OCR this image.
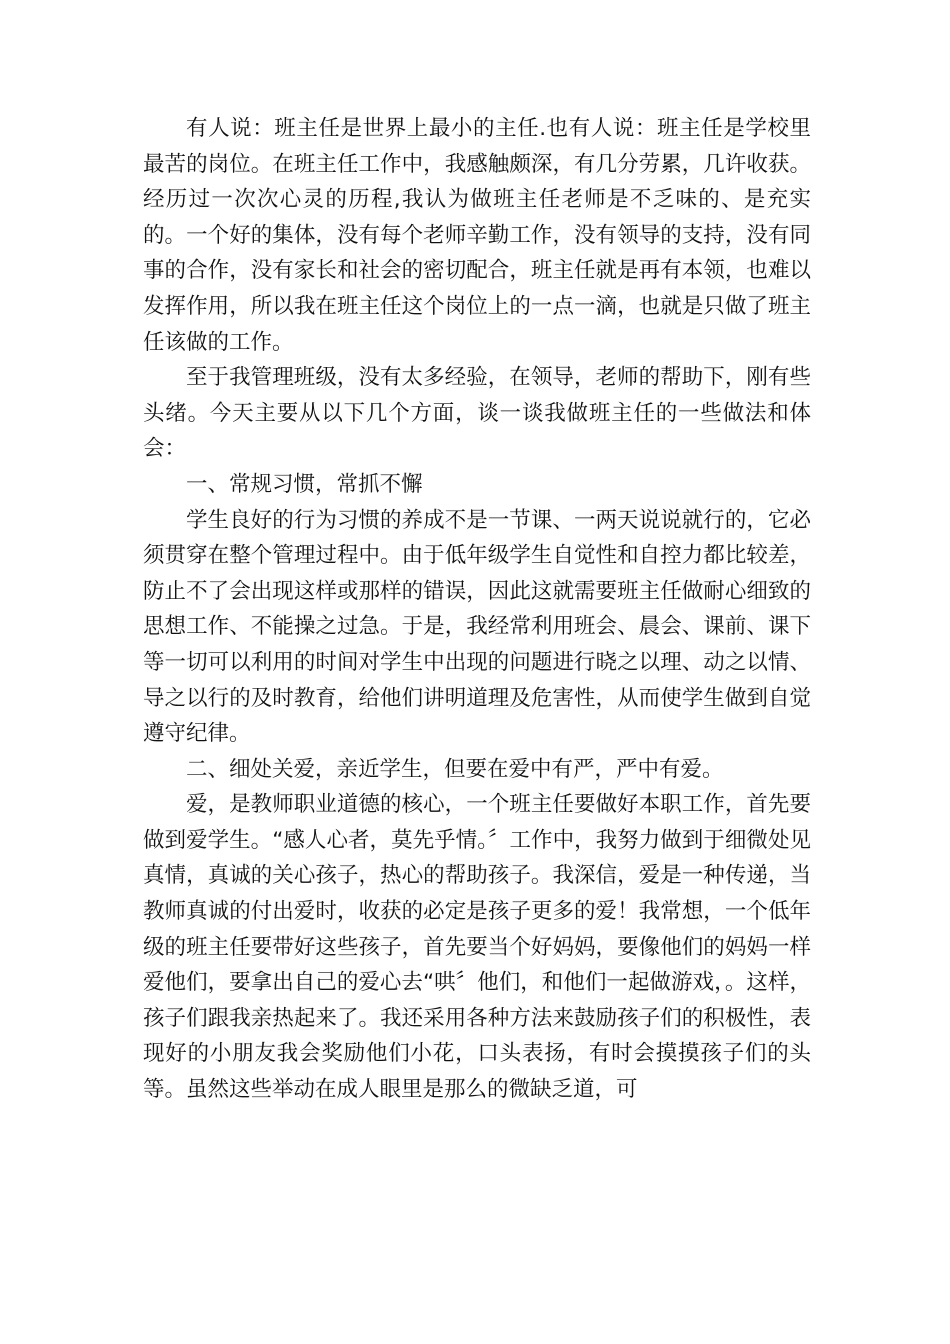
有人说：班主任是世界上最小的主任.也有人说：班主任是学校里最苦的岗位。在班主任工作中，我感触颇深，有几分劳累，几许收获。经历过一次次心灵的历程,我认为做班主任老师是不乏味的、是充实的。一个好的集体，没有每个老师辛勤工作，没有领导的支持，没有同事的合作，没有家长和社会的密切配合，班主任就是再有本领，也难以发挥作用，所以我在班主任这个岗位上的一点一滴，也就是只做了班主任该做的工作。

至于我管理班级，没有太多经验，在领导，老师的帮助下，刚有些头绪。今天主要从以下几个方面，谈一谈我做班主任的一些做法和体会：

一、常规习惯，常抓不懈

学生良好的行为习惯的养成不是一节课、一两天说说就行的，它必须贯穿在整个管理过程中。由于低年级学生自觉性和自控力都比较差，防止不了会出现这样或那样的错误，因此这就需要班主任做耐心细致的思想工作、不能操之过急。于是，我经常利用班会、晨会、课前、课下等一切可以利用的时间对学生中出现的问题进行晓之以理、动之以情、导之以行的及时教育，给他们讲明道理及危害性，从而使学生做到自觉遵守纪律。

二、细处关爱，亲近学生，但要在爱中有严，严中有爱。

爱，是教师职业道德的核心，一个班主任要做好本职工作，首先要做到爱学生。“感人心者，莫先乎情。〞工作中，我努力做到于细微处见真情，真诚的关心孩子，热心的帮助孩子。我深信，爱是一种传递，当教师真诚的付出爱时，收获的必定是孩子更多的爱！我常想，一个低年级的班主任要带好这些孩子，首先要当个好妈妈，要像他们的妈妈一样爱他们，要拿出自己的爱心去“哄〞他们，和他们一起做游戏，。这样，孩子们跟我亲热起来了。我还采用各种方法来鼓励孩子们的积极性，表现好的小朋友我会奖励他们小花，口头表扬，有时会摸摸孩子们的头等。虽然这些举动在成人眼里是那么的微缺乏道，可
